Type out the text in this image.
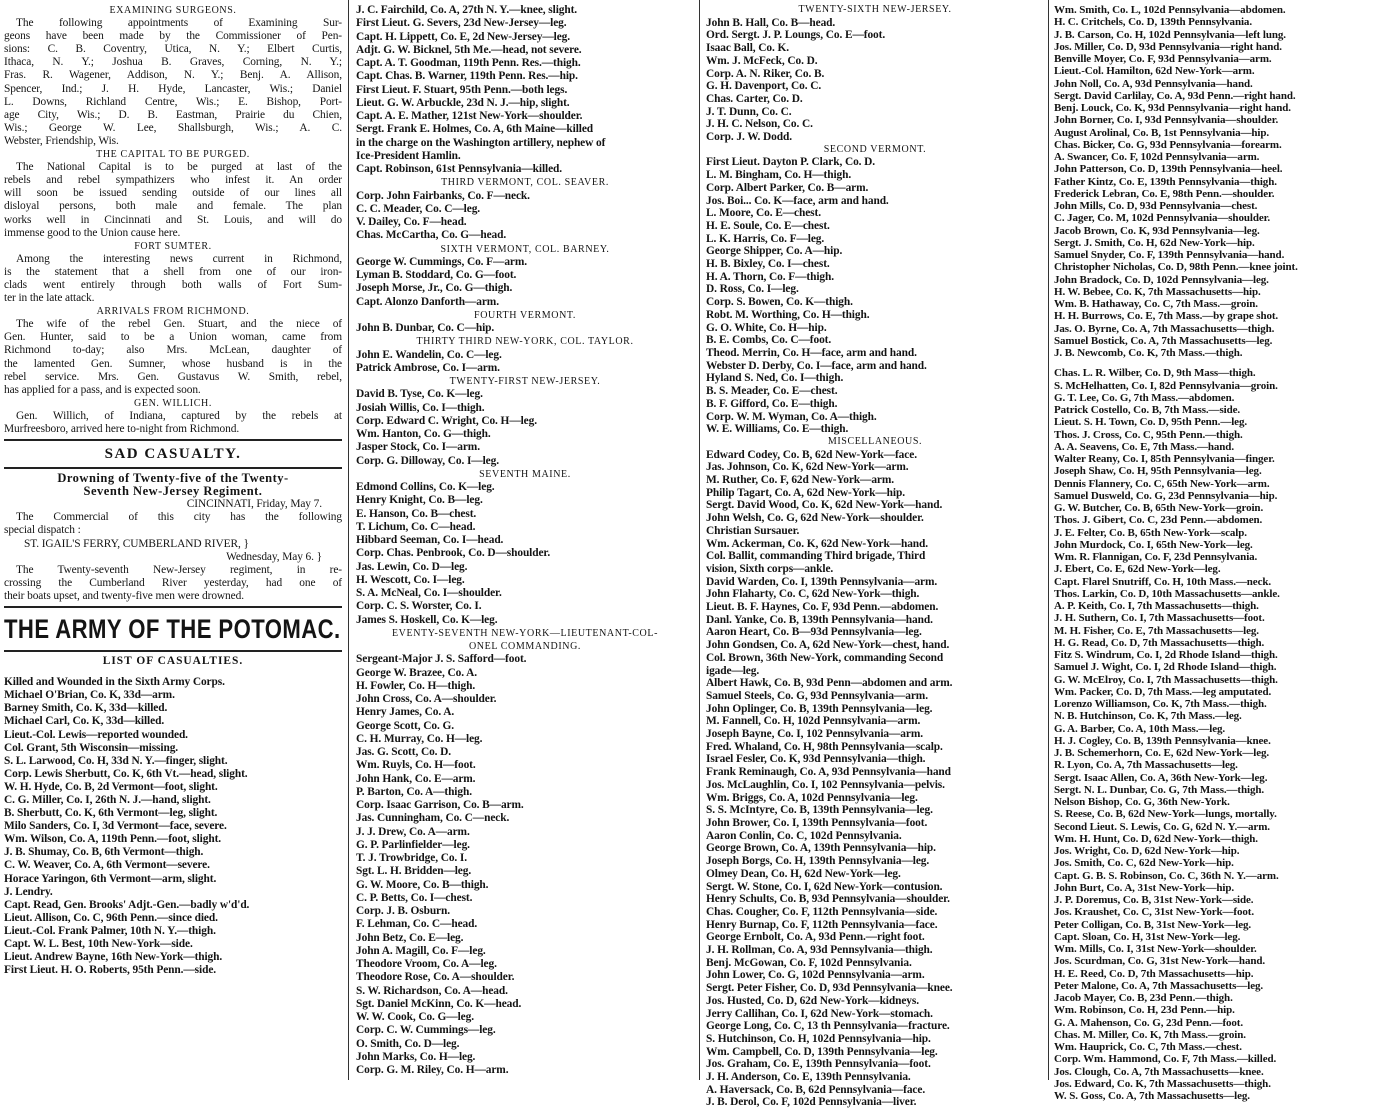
EXAMINING SURGEONS.
The following appointments of Examining Sur-
geons have been made by the Commissioner of Pen-
sions: C. B. Coventry, Utica, N. Y.; Elbert Curtis,
Ithaca, N. Y.; Joshua B. Graves, Corning, N. Y.;
Fras. R. Wagener, Addison, N. Y.; Benj. A. Allison,
Spencer, Ind.; J. H. Hyde, Lancaster, Wis.; Daniel
L. Downs, Richland Centre, Wis.; E. Bishop, Port-
age City, Wis.; D. B. Eastman, Prairie du Chien,
Wis.; George W. Lee, Shallsburgh, Wis.; A. C.
Webster, Friendship, Wis.
THE CAPITAL TO BE PURGED.
The National Capital is to be purged at last of the
rebels and rebel sympathizers who infest it. An order
will soon be issued sending outside of our lines all
disloyal persons, both male and female. The plan
works well in Cincinnati and St. Louis, and will do
immense good to the Union cause here.
FORT SUMTER.
Among the interesting news current in Richmond,
is the statement that a shell from one of our iron-
clads went entirely through both walls of Fort Sum-
ter in the late attack.
ARRIVALS FROM RICHMOND.
The wife of the rebel Gen. Stuart, and the niece of
Gen. Hunter, said to be a Union woman, came from
Richmond to-day; also Mrs. McLean, daughter of
the lamented Gen. Sumner, whose husband is in the
rebel service. Mrs. Gen. Gustavus W. Smith, rebel,
has applied for a pass, and is expected soon.
GEN. WILLICH.
Gen. Willich, of Indiana, captured by the rebels at
Murfreesboro, arrived here to-night from Richmond.
SAD CASUALTY.
Drowning of Twenty-five of the Twenty-
Seventh New-Jersey Regiment.
CINCINNATI, Friday, May 7.
The Commercial of this city has the following
special dispatch :
ST. IGAIL'S FERRY, CUMBERLAND RIVER, }
Wednesday, May 6. }
The Twenty-seventh New-Jersey regiment, in re-
crossing the Cumberland River yesterday, had one of
their boats upset, and twenty-five men were drowned.
THE ARMY OF THE POTOMAC.
LIST OF CASUALTIES.
Killed and Wounded in the Sixth Army Corps.
Michael O'Brian, Co. K, 33d—arm.
Barney Smith, Co. K, 33d—killed.
Michael Carl, Co. K, 33d—killed.
Lieut.-Col. Lewis—reported wounded.
Col. Grant, 5th Wisconsin—missing.
S. L. Larwood, Co. H, 33d N. Y.—finger, slight.
Corp. Lewis Sherbutt, Co. K, 6th Vt.—head, slight.
W. H. Hyde, Co. B, 2d Vermont—foot, slight.
C. G. Miller, Co. I, 26th N. J.—hand, slight.
B. Sherbutt, Co. K, 6th Vermont—leg, slight.
Milo Sanders, Co. I, 3d Vermont—face, severe.
Wm. Wilson, Co. A, 119th Penn.—foot, slight.
J. B. Shumay, Co. B, 6th Vermont—thigh.
C. W. Weaver, Co. A, 6th Vermont—severe.
Horace Yaringon, 6th Vermont—arm, slight.
J. Lendry.
Capt. Read, Gen. Brooks' Adjt.-Gen.—badly w'd'd.
Lieut. Allison, Co. C, 96th Penn.—since died.
Lieut.-Col. Frank Palmer, 10th N. Y.—thigh.
Capt. W. L. Best, 10th New-York—side.
Lieut. Andrew Bayne, 16th New-York—thigh.
First Lieut. H. O. Roberts, 95th Penn.—side.
J. C. Fairchild, Co. A, 27th N. Y.—knee, slight.
First Lieut. G. Severs, 23d New-Jersey—leg.
Capt. H. Lippett, Co. E, 2d New-Jersey—leg.
Adjt. G. W. Bicknel, 5th Me.—head, not severe.
Capt. A. T. Goodman, 119th Penn. Res.—thigh.
Capt. Chas. B. Warner, 119th Penn. Res.—hip.
First Lieut. F. Stuart, 95th Penn.—both legs.
Lieut. G. W. Arbuckle, 23d N. J.—hip, slight.
Capt. A. E. Mather, 121st New-York—shoulder.
Sergt. Frank E. Holmes, Co. A, 6th Maine—killed
in the charge on the Washington artillery, nephew of
Ice-President Hamlin.
Capt. Robinson, 61st Pennsylvania—killed.
THIRD VERMONT, COL. SEAVER.
Corp. John Fairbanks, Co. F—neck.
C. C. Meader, Co. C—leg.
V. Dailey, Co. F—head.
Chas. McCartha, Co. G—head.
SIXTH VERMONT, COL. BARNEY.
George W. Cummings, Co. F—arm.
Lyman B. Stoddard, Co. G—foot.
Joseph Morse, Jr., Co. G—thigh.
Capt. Alonzo Danforth—arm.
FOURTH VERMONT.
John B. Dunbar, Co. C—hip.
THIRTY THIRD NEW-YORK, COL. TAYLOR.
John E. Wandelin, Co. C—leg.
Patrick Ambrose, Co. I—arm.
TWENTY-FIRST NEW-JERSEY.
David B. Tyse, Co. K—leg.
Josiah Willis, Co. I—thigh.
Corp. Edward C. Wright, Co. H—leg.
Wm. Hanton, Co. G—thigh.
Jasper Stock, Co. I—arm.
Corp. G. Dilloway, Co. I—leg.
SEVENTH MAINE.
Edmond Collins, Co. K—leg.
Henry Knight, Co. B—leg.
E. Hanson, Co. B—chest.
T. Lichum, Co. C—head.
Hibbard Seeman, Co. I—head.
Corp. Chas. Penbrook, Co. D—shoulder.
Jas. Lewin, Co. D—leg.
H. Wescott, Co. I—leg.
S. A. McNeal, Co. I—shoulder.
Corp. C. S. Worster, Co. I.
James S. Hoskell, Co. K—leg.
EVENTY-SEVENTH NEW-YORK—LIEUTENANT-COL-
ONEL COMMANDING.
Sergeant-Major J. S. Safford—foot.
George W. Brazee, Co. A.
H. Fowler, Co. H—thigh.
John Cross, Co. A—shoulder.
Henry James, Co. A.
George Scott, Co. G.
C. H. Murray, Co. H—leg.
Jas. G. Scott, Co. D.
Wm. Ruyls, Co. H—foot.
John Hank, Co. E—arm.
P. Barton, Co. A—thigh.
Corp. Isaac Garrison, Co. B—arm.
Jas. Cunningham, Co. C—neck.
J. J. Drew, Co. A—arm.
G. P. Parlinfielder—leg.
T. J. Trowbridge, Co. I.
Sgt. L. H. Bridden—leg.
G. W. Moore, Co. B—thigh.
C. P. Betts, Co. I—chest.
Corp. J. B. Osburn.
F. Lehman, Co. C—head.
John Betz, Co. E—leg.
John A. Magill, Co. F—leg.
Theodore Vroom, Co. A—leg.
Theodore Rose, Co. A—shoulder.
S. W. Richardson, Co. A—head.
Sgt. Daniel McKinn, Co. K—head.
W. W. Cook, Co. G—leg.
Corp. C. W. Cummings—leg.
O. Smith, Co. D—leg.
John Marks, Co. H—leg.
Corp. G. M. Riley, Co. H—arm.
TWENTY-SIXTH NEW-JERSEY.
John B. Hall, Co. B—head.
Ord. Sergt. J. P. Loungs, Co. E—foot.
Isaac Ball, Co. K.
Wm. J. McFeck, Co. D.
Corp. A. N. Riker, Co. B.
G. H. Davenport, Co. C.
Chas. Carter, Co. D.
J. T. Dunn, Co. C.
J. H. C. Nelson, Co. C.
Corp. J. W. Dodd.
SECOND VERMONT.
First Lieut. Dayton P. Clark, Co. D.
L. M. Bingham, Co. H—thigh.
Corp. Albert Parker, Co. B—arm.
Jos. Boi... Co. K—face, arm and hand.
L. Moore, Co. E—chest.
H. E. Soule, Co. E—chest.
L. K. Harris, Co. F—leg.
George Shipper, Co. A—hip.
H. B. Bixley, Co. I—chest.
H. A. Thorn, Co. F—thigh.
D. Ross, Co. I—leg.
Corp. S. Bowen, Co. K—thigh.
Robt. M. Worthing, Co. H—thigh.
G. O. White, Co. H—hip.
B. E. Combs, Co. C—foot.
Theod. Merrin, Co. H—face, arm and hand.
Webster D. Derby, Co. I—face, arm and hand.
Hyland S. Ned, Co. I—thigh.
B. S. Meader, Co. E—chest.
B. F. Gifford, Co. E—thigh.
Corp. W. M. Wyman, Co. A—thigh.
W. E. Williams, Co. E—thigh.
MISCELLANEOUS.
Edward Codey, Co. B, 62d New-York—face.
Jas. Johnson, Co. K, 62d New-York—arm.
M. Ruther, Co. F, 62d New-York—arm.
Philip Tagart, Co. A, 62d New-York—hip.
Sergt. David Wood, Co. K, 62d New-York—hand.
John Welsh, Co. G, 62d New-York—shoulder.
Christian Sursauer.
Wm. Ackerman, Co. K, 62d New-York—hand.
Col. Ballit, commanding Third brigade, Third
vision, Sixth corps—ankle.
David Warden, Co. I, 139th Pennsylvania—arm.
John Flaharty, Co. C, 62d New-York—thigh.
Lieut. B. F. Haynes, Co. F, 93d Penn.—abdomen.
Danl. Yanke, Co. B, 139th Pennsylvania—hand.
Aaron Heart, Co. B—93d Pennsylvania—leg.
John Gondsen, Co. A, 62d New-York—chest, hand.
Col. Brown, 36th New-York, commanding Second
igade—leg.
Albert Hawk, Co. B, 93d Penn—abdomen and arm.
Samuel Steels, Co. G, 93d Pennsylvania—arm.
John Oplinger, Co. B, 139th Pennsylvania—leg.
M. Fannell, Co. H, 102d Pennsylvania—arm.
Joseph Bayne, Co. I, 102 Pennsylvania—arm.
Fred. Whaland, Co. H, 98th Pennsylvania—scalp.
Israel Fesler, Co. K, 93d Pennsylvania—thigh.
Frank Reminaugh, Co. A, 93d Pennsylvania—hand
Jos. McLaughlin, Co. I, 102 Pennsylvania—pelvis.
Wm. Briggs, Co. A, 102d Pennsylvania—leg.
S. S. McIntyre, Co. B, 139th Pennsylvania—leg.
John Brower, Co. I, 139th Pennsylvania—foot.
Aaron Conlin, Co. C, 102d Pennsylvania.
George Brown, Co. A, 139th Pennsylvania—hip.
Joseph Borgs, Co. H, 139th Pennsylvania—leg.
Olmey Dean, Co. H, 62d New-York—leg.
Sergt. W. Stone, Co. I, 62d New-York—contusion.
Henry Schults, Co. B, 93d Pennsylvania—shoulder.
Chas. Cougher, Co. F, 112th Pennsylvania—side.
Henry Burnap, Co. F, 112th Pennsylvania—face.
George Ernbolt, Co. A, 93d Penn.—right foot.
J. H. Rollman, Co. A, 93d Pennsylvania—thigh.
Benj. McGowan, Co. F, 102d Pennsylvania.
John Lower, Co. G, 102d Pennsylvania—arm.
Sergt. Peter Fisher, Co. D, 93d Pennsylvania—knee.
Jos. Husted, Co. D, 62d New-York—kidneys.
Jerry Callihan, Co. I, 62d New-York—stomach.
George Long, Co. C, 13 th Pennsylvania—fracture.
S. Hutchinson, Co. H, 102d Pennsylvania—hip.
Wm. Campbell, Co. D, 139th Pennsylvania—leg.
Jos. Graham, Co. E, 139th Pennsylvania—foot.
J. H. Anderson, Co. E, 139th Pennsylvania.
A. Haversack, Co. B, 62d Pennsylvania—face.
J. B. Derol, Co. F, 102d Pennsylvania—liver.
Wm. Smith, Co. L, 102d Pennsylvania—abdomen.
H. C. Critchels, Co. D, 139th Pennsylvania.
J. B. Carson, Co. H, 102d Pennsylvania—left lung.
Jos. Miller, Co. D, 93d Pennsylvania—right hand.
Benville Moyer, Co. F, 93d Pennsylvania—arm.
Lieut.-Col. Hamilton, 62d New-York—arm.
John Noll, Co. A, 93d Pennsylvania—hand.
Sergt. David Carlilay, Co. A, 93d Penn.—right hand.
Benj. Louck, Co. K, 93d Pennsylvania—right hand.
John Borner, Co. I, 93d Pennsylvania—shoulder.
August Arolinal, Co. B, 1st Pennsylvania—hip.
Chas. Bicker, Co. G, 93d Pennsylvania—forearm.
A. Swancer, Co. F, 102d Pennsylvania—arm.
John Patterson, Co. D, 139th Pennsylvania—heel.
Father Kintz, Co. E, 139th Pennsylvania—thigh.
Frederick Lebran, Co. E, 98th Penn.—shoulder.
John Mills, Co. D, 93d Pennsylvania—chest.
C. Jager, Co. M, 102d Pennsylvania—shoulder.
Jacob Brown, Co. K, 93d Pennsylvania—leg.
Sergt. J. Smith, Co. H, 62d New-York—hip.
Samuel Snyder, Co. F, 139th Pennsylvania—hand.
Christopher Nicholas, Co. D, 98th Penn.—knee joint.
John Bradock, Co. D, 102d Pennsylvania—leg.
H. W. Bebee, Co. K, 7th Massachusetts—hip.
Wm. B. Hathaway, Co. C, 7th Mass.—groin.
H. H. Burrows, Co. E, 7th Mass.—by grape shot.
Jas. O. Byrne, Co. A, 7th Massachusetts—thigh.
Samuel Bostick, Co. A, 7th Massachusetts—leg.
J. B. Newcomb, Co. K, 7th Mass.—thigh.
Chas. L. R. Wilber, Co. D, 9th Mass—thigh.
S. McHelhatten, Co. I, 82d Pennsylvania—groin.
G. T. Lee, Co. G, 7th Mass.—abdomen.
Patrick Costello, Co. B, 7th Mass.—side.
Lieut. S. H. Town, Co. D, 95th Penn.—leg.
Thos. J. Cross, Co. C, 95th Penn.—thigh.
A. A. Seavens, Co. E, 7th Mass.—hand.
Walter Reany, Co. I, 85th Pennsylvania—finger.
Joseph Shaw, Co. H, 95th Pennsylvania—leg.
Dennis Flannery, Co. C, 65th New-York—arm.
Samuel Dusweld, Co. G, 23d Pennsylvania—hip.
G. W. Butcher, Co. B, 65th New-York—groin.
Thos. J. Gibert, Co. C, 23d Penn.—abdomen.
J. E. Felter, Co. B, 65th New-York—scalp.
John Murdock, Co. I, 65th New-York—leg.
Wm. R. Flannigan, Co. F, 23d Pennsylvania.
J. Ebert, Co. E, 62d New-York—leg.
Capt. Flarel Snutriff, Co. H, 10th Mass.—neck.
Thos. Larkin, Co. D, 10th Massachusetts—ankle.
A. P. Keith, Co. I, 7th Massachusetts—thigh.
J. H. Suthern, Co. I, 7th Massachusetts—foot.
M. H. Fisher, Co. E, 7th Massachusetts—leg.
H. G. Read, Co. D, 7th Massachusetts—thigh.
Fitz S. Windrum, Co. I, 2d Rhode Island—thigh.
Samuel J. Wight, Co. I, 2d Rhode Island—thigh.
G. W. McElroy, Co. I, 7th Massachusetts—thigh.
Wm. Packer, Co. D, 7th Mass.—leg amputated.
Lorenzo Williamson, Co. K, 7th Mass.—thigh.
N. B. Hutchinson, Co. K, 7th Mass.—leg.
G. A. Barber, Co. A, 10th Mass.—leg.
H. J. Cogley, Co. B, 139th Pennsylvania—knee.
J. B. Schemerhorn, Co. E, 62d New-York—leg.
R. Lyon, Co. A, 7th Massachusetts—leg.
Sergt. Isaac Allen, Co. A, 36th New-York—leg.
Sergt. N. L. Dunbar, Co. G, 7th Mass.—thigh.
Nelson Bishop, Co. G, 36th New-York.
S. Reese, Co. B, 62d New-York—lungs, mortally.
Second Lieut. S. Lewis, Co. G, 62d N. Y.—arm.
Wm. H. Hunt, Co. D, 62d New-York—thigh.
Jos. Wright, Co. D, 62d New-York—hip.
Jos. Smith, Co. C, 62d New-York—hip.
Capt. G. B. S. Robinson, Co. C, 36th N. Y.—arm.
John Burt, Co. A, 31st New-York—hip.
J. P. Doremus, Co. B, 31st New-York—side.
Jos. Kraushet, Co. C, 31st New-York—foot.
Peter Colligan, Co. B, 31st New-York—leg.
Capt. Sloan, Co. H, 31st New-York—leg.
Wm. Mills, Co. I, 31st New-York—shoulder.
Jos. Scurdman, Co. G, 31st New-York—hand.
H. E. Reed, Co. D, 7th Massachusetts—hip.
Peter Malone, Co. A, 7th Massachusetts—leg.
Jacob Mayer, Co. B, 23d Penn.—thigh.
Wm. Robinson, Co. H, 23d Penn.—hip.
G. A. Mahenson, Co. G, 23d Penn.—foot.
Chas. M. Miller, Co. K, 7th Mass.—groin.
Wm. Hauprick, Co. C, 7th Mass.—chest.
Corp. Wm. Hammond, Co. F, 7th Mass.—killed.
Jos. Clough, Co. A, 7th Massachusetts—knee.
Jos. Edward, Co. K, 7th Massachusetts—thigh.
W. S. Goss, Co. A, 7th Massachusetts—leg.
